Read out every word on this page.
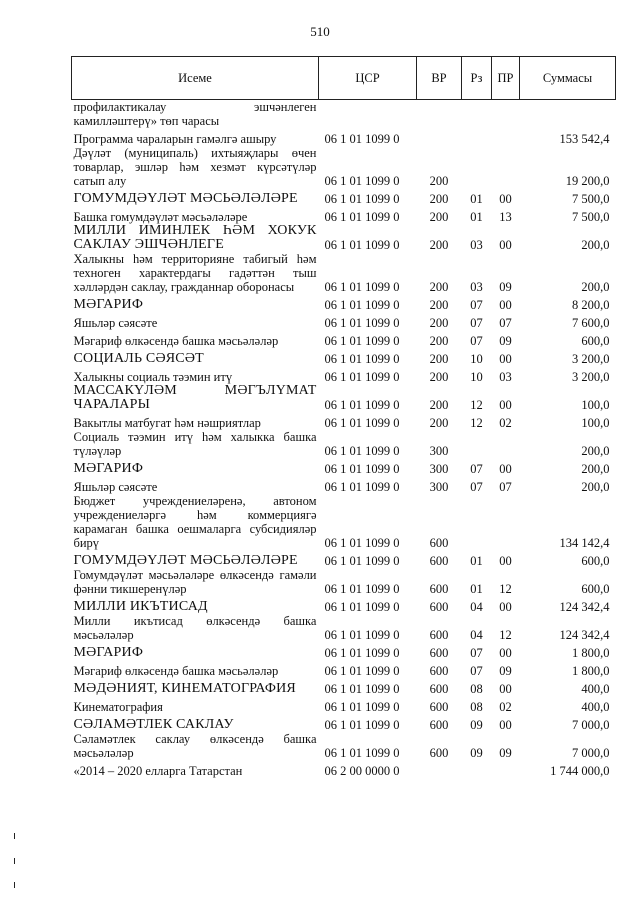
510
Исеме	ЦСР	ВР	Рз	ПР	Суммасы
профилактикалау эшчәнлеген камилләштерү» төп чарасы					
Программа чараларын гамәлгә ашыру	06 1 01 1099 0				153 542,4
Дәүләт (муниципаль) ихтыяҗлары өчен товарлар, эшләр һәм хезмәт күрсәтүләр сатып алу	06 1 01 1099 0	200			19 200,0
ГОМУМДӘҮЛӘТ МӘСЬӘЛӘЛӘРЕ	06 1 01 1099 0	200	01	00	7 500,0
Башка гомумдәүләт мәсьәләләре	06 1 01 1099 0	200	01	13	7 500,0
МИЛЛИ ИМИНЛЕК ҺӘМ ХОКУК САКЛАУ ЭШЧӘНЛЕГЕ	06 1 01 1099 0	200	03	00	200,0
Халыкны һәм территорияне табигый һәм техноген характердагы гадәттән тыш хәлләрдән саклау, гражданнар оборонасы	06 1 01 1099 0	200	03	09	200,0
МӘГАРИФ	06 1 01 1099 0	200	07	00	8 200,0
Яшьләр сәясәте	06 1 01 1099 0	200	07	07	7 600,0
Мәгариф өлкәсендә башка мәсьәләләр	06 1 01 1099 0	200	07	09	600,0
СОЦИАЛЬ СӘЯСӘТ	06 1 01 1099 0	200	10	00	3 200,0
Халыкны социаль тәэмин итү	06 1 01 1099 0	200	10	03	3 200,0
МАССАКҮЛӘМ МӘГЪЛҮМАТ ЧАРАЛАРЫ	06 1 01 1099 0	200	12	00	100,0
Вакытлы матбугат һәм нәшриятлар	06 1 01 1099 0	200	12	02	100,0
Социаль тәэмин итү һәм халыкка башка түләүләр	06 1 01 1099 0	300			200,0
МӘГАРИФ	06 1 01 1099 0	300	07	00	200,0
Яшьләр сәясәте	06 1 01 1099 0	300	07	07	200,0
Бюджет учреждениеләренә, автоном учреждениеләргә һәм коммерциягә карамаган башка оешмаларга субсидияләр бирү	06 1 01 1099 0	600			134 142,4
ГОМУМДӘҮЛӘТ МӘСЬӘЛӘЛӘРЕ	06 1 01 1099 0	600	01	00	600,0
Гомумдәүләт мәсьәләләре өлкәсендә гамәли фәнни тикшеренүләр	06 1 01 1099 0	600	01	12	600,0
МИЛЛИ ИКЪТИСАД	06 1 01 1099 0	600	04	00	124 342,4
Милли икътисад өлкәсендә башка мәсьәләләр	06 1 01 1099 0	600	04	12	124 342,4
МӘГАРИФ	06 1 01 1099 0	600	07	00	1 800,0
Мәгариф өлкәсендә башка мәсьәләләр	06 1 01 1099 0	600	07	09	1 800,0
МӘДӘНИЯТ, КИНЕМАТОГРАФИЯ	06 1 01 1099 0	600	08	00	400,0
Кинематография	06 1 01 1099 0	600	08	02	400,0
СӘЛАМӘТЛЕК САКЛАУ	06 1 01 1099 0	600	09	00	7 000,0
Сәламәтлек саклау өлкәсендә башка мәсьәләләр	06 1 01 1099 0	600	09	09	7 000,0
«2014 – 2020 елларга Татарстан	06 2 00 0000 0				1 744 000,0
